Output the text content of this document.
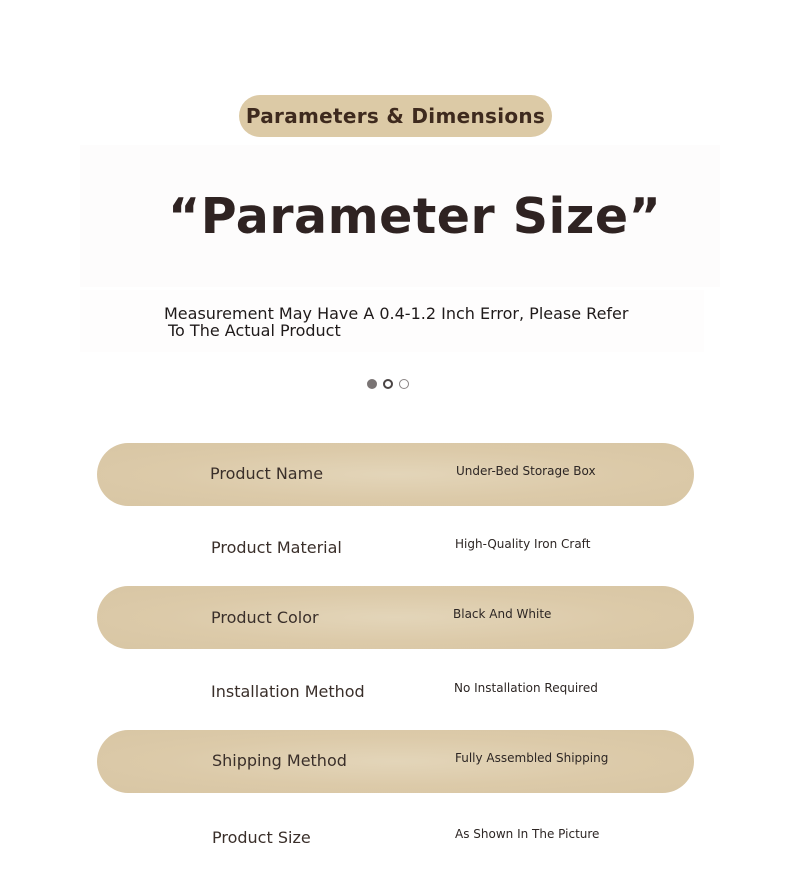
Parameters & Dimensions
“Parameter Size”
Measurement May Have A 0.4-1.2 Inch Error, Please Refer
To The Actual Product
Product Name	Under-Bed Storage Box
Product Material	High-Quality Iron Craft
Product Color	Black And White
Installation Method	No Installation Required
Shipping Method	Fully Assembled Shipping
Product Size	As Shown In The Picture
